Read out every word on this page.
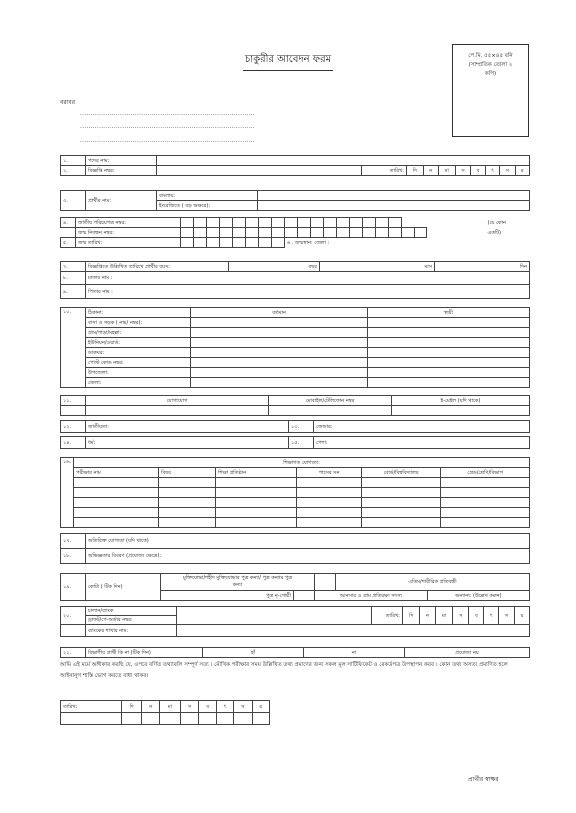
চাকুরীর আবেদন ফরম	পে.মি. ৫৫×৪৫ বনি
(সাম্প্রতিক তোলা ২
কপি)
বরাবর
...................................................................................
...................................................................................
...................................................................................
১.	পদের নাম:										
২.	বিজ্ঞপ্তি নম্বর:		তারিখ:	দি	ন	মা	স	ব	ৎ	স	র
৩.	প্রার্থীর নাম:	বাংলায়:	
		ইংরেজিতে ( বড় অক্ষরে):	
৪.	জাতীয় পরিচয়পত্র নম্বর:																					(যে কোন
	জন্ম নিবন্ধন নম্বর:																					একটি)
৫.	জন্ম তারিখ:									৬ . জন্মস্থান: জেলা :												
৭.	বিজ্ঞপ্তিতে উল্লিখিত তারিখে প্রার্থীর বয়স:	বছর	মাস	দিন
৮.	মাতার নাম :
৯.	পিতার নাম :
১০.	ঠিকানা:	বর্তমান	স্থায়ী
	বাসা ও সড়ক ( নাম/ নম্বর):		
	গ্রাম/পাড়া/মহল্লা:		
	ইউনিয়ন/ওয়ার্ড:		
	ডাকঘর:		
	পোস্ট কোড নম্বর:		
	উপজেলা:		
	জেলা:		
১১.	যোগাযোগ	মোবাইল/টেলিফোন নম্বর	ই-মেইল (যদি থাকে)

১২.	জাতীয়তা:	১৩.	জেন্ডার:
১৪.	ধর্ম:	১৫.	পেশা:
১৬.	শিক্ষাগত যোগ্যতা:					
	পরীক্ষার নাম	বিষয়	শিক্ষা প্রতিষ্ঠান	পাসের সন	বোর্ড/বিশ্ববিদ্যালয়	গ্রেড/শ্রেণি/বিভাগ

১৭.	অতিরিক্ত যোগ্যতা (যদি থাকে)
১৮.	অভিজ্ঞতার বিবরণ (প্রযোজ্য ক্ষেত্রে):
১৯.	কোটা ( টিক দিন)	মুক্তিযোদ্ধা/শহীদ মুক্তিযোদ্ধার পুত্র কন্যা/ পুত্র কন্যার পুত্র
কন্যা			এতিম/শারীরিক প্রতিবন্ধী	
		পুত্র নৃ-গোষ্ঠী		আনসার ও গ্রাম প্রতিরক্ষা সদস্য		অন্যান্য: (উল্লেখ করুন)
২০.	চালান/ব্যাংক		তারিখ:	দি	ন	মা	স	ব	ৎ	স	র
	ড্রাফট/পে-অর্ডার নম্বর:										
	ব্যাংকের শাখার নাম:										
২১.	বিভাগীয় প্রার্থী কি না (টিক দিন)	হাঁ	না	প্রযোজ্য নয়
আমি এই মর্মে অঙ্গীকার করছি যে, ওপরে বর্ণিত তথ্যাবলি সম্পূর্ণ সত্য । মৌখিক পরীক্ষার সময় উল্লিখিত তথ্য প্রমাণের জন্য সকল মূল সার্টিফিকেট ও রেকর্ডপত্র উপস্থাপন করব । কোন তথ্য অসত্য প্রমাণিত হলে আইনানুগ শাস্তি ভোগ করতে বাধ্য থাকব।
তারিখ:	দি	ন	মা	স	ব	ৎ	স	র

প্রার্থীর স্বাক্ষর
